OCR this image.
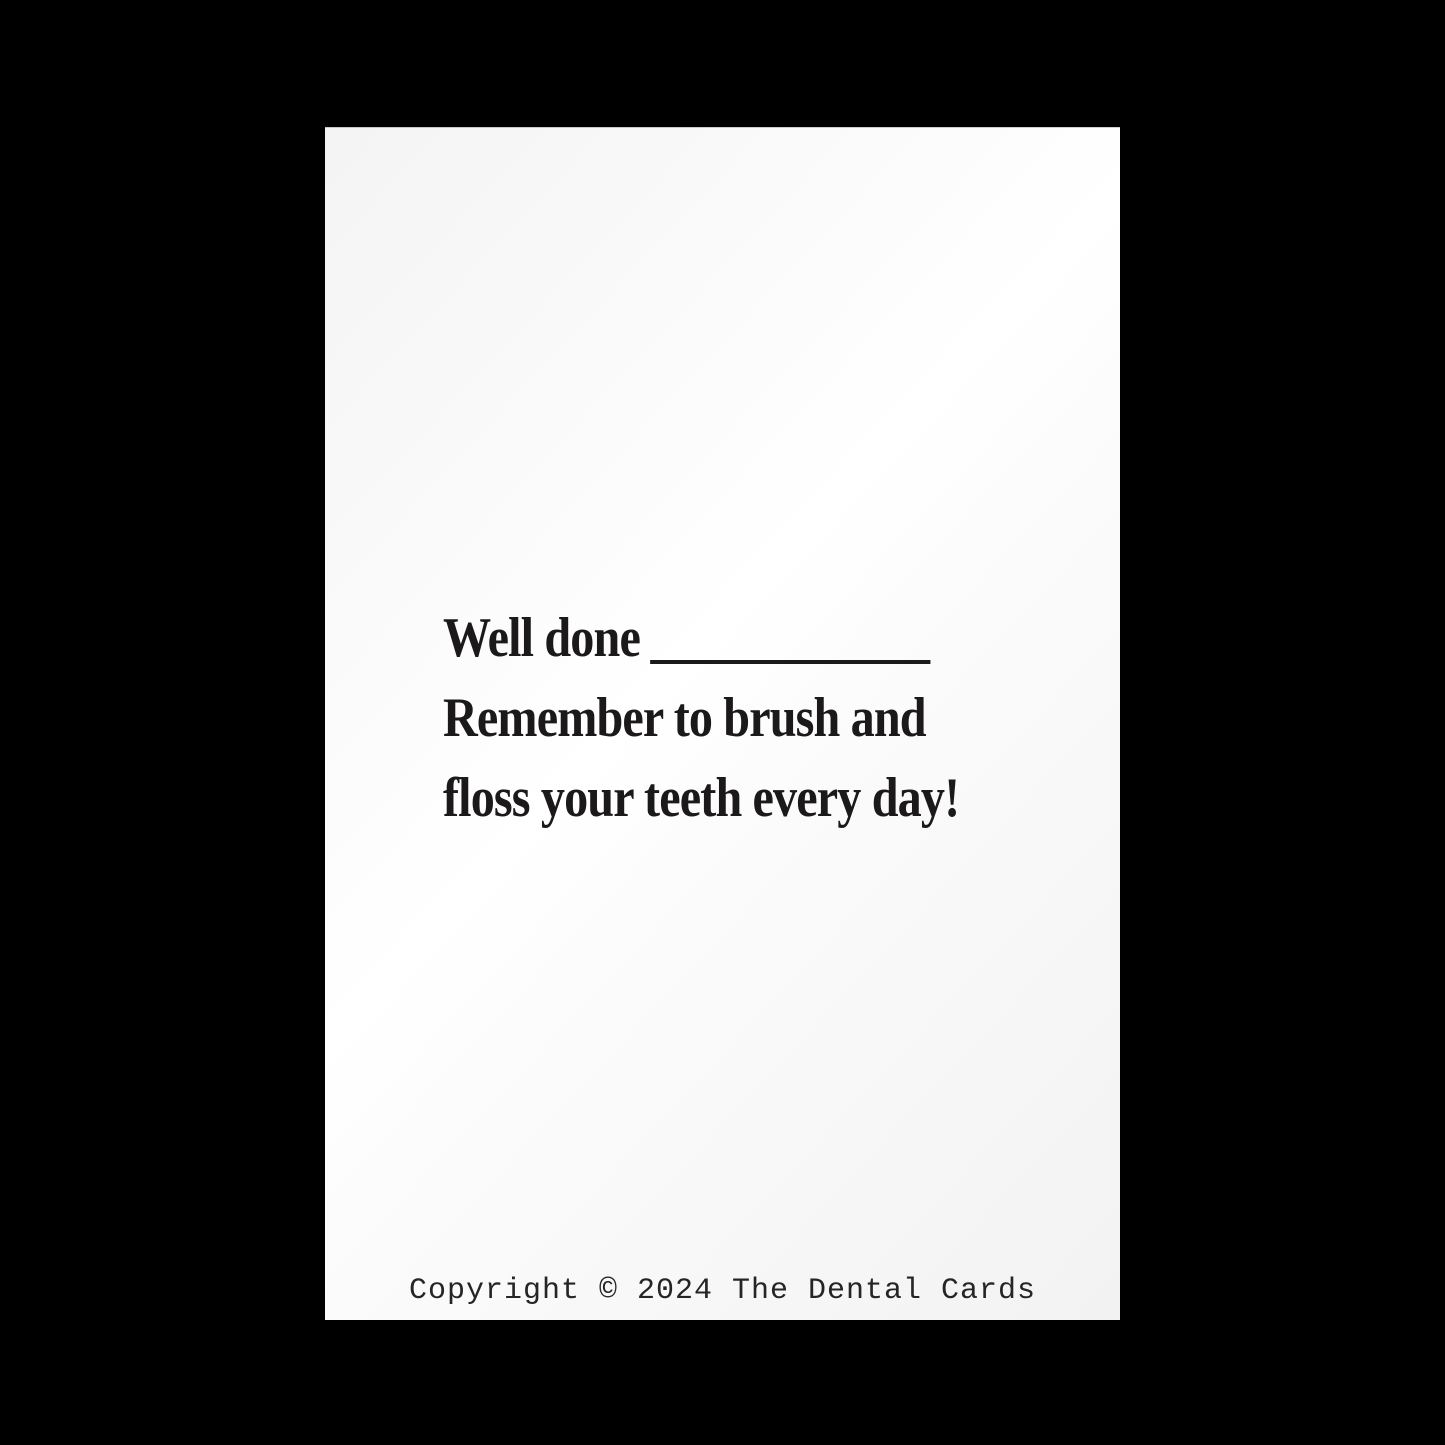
Well done ____________
Remember to brush and
floss your teeth every day!
Copyright © 2024 The Dental Cards
